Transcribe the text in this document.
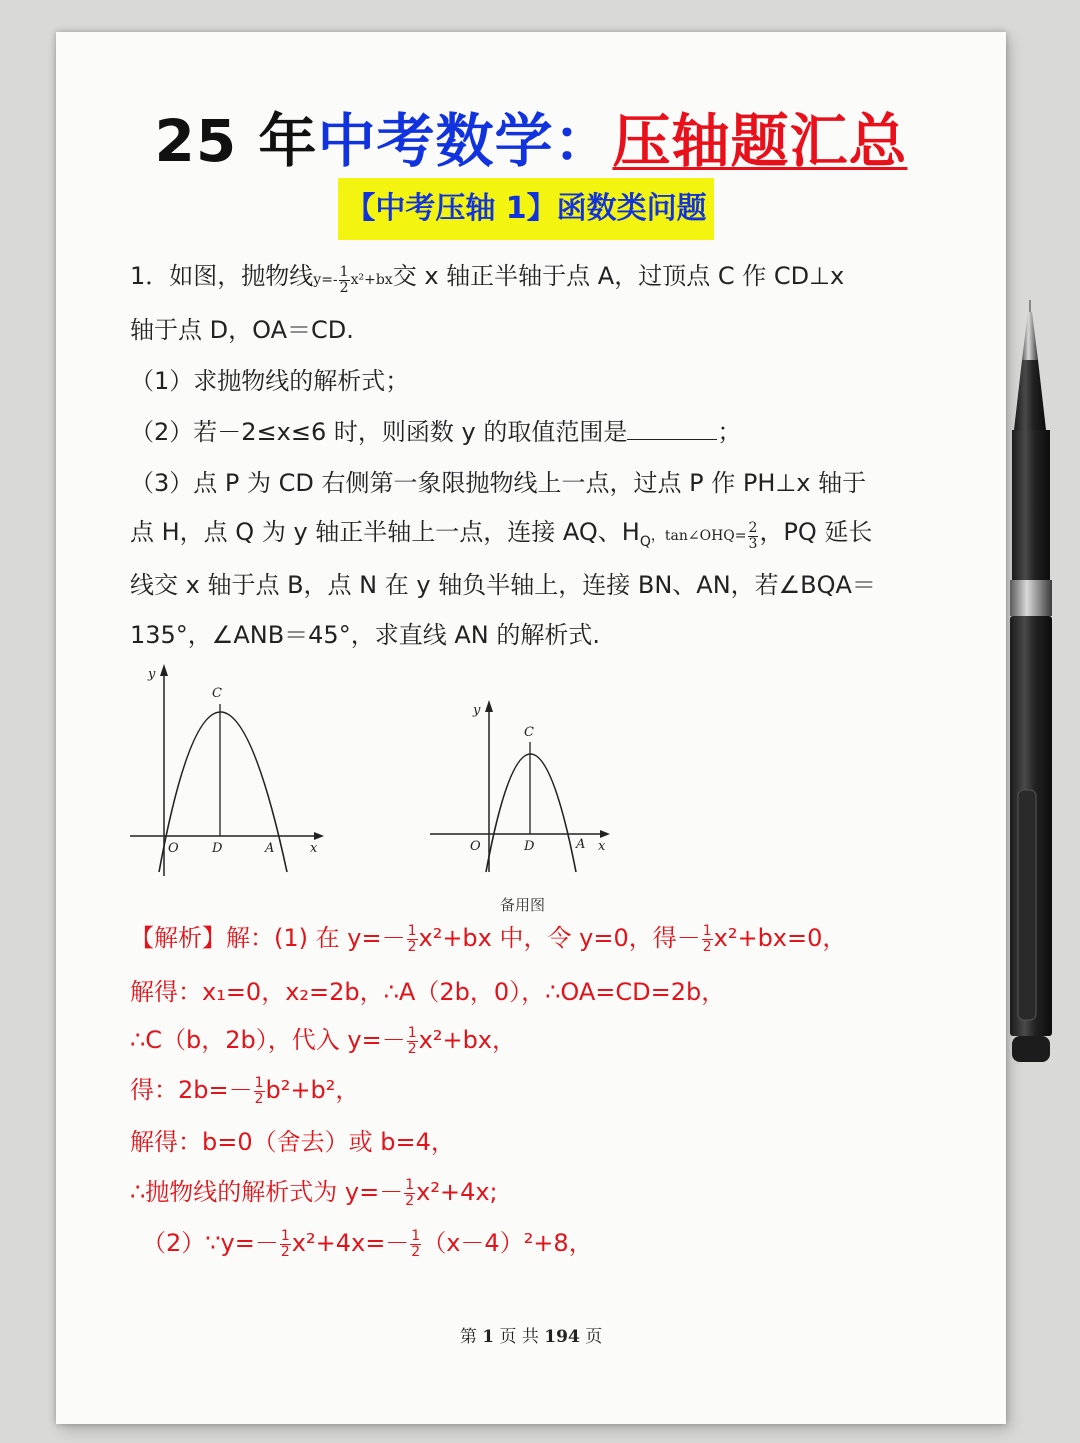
25 年中考数学：压轴题汇总
【中考压轴 1】函数类问题
1．如图，抛物线$y=- \frac{1}{2} x^2+bx$交 x 轴正半轴于点 A，过顶点 C 作 CD⊥x
轴于点 D，OA＝CD.
（1）求抛物线的解析式；
（2）若－2≤x≤6 时，则函数 y 的取值范围是	；
（3）点 P 为 CD 右侧第一象限抛物线上一点，过点 P 作 PH⊥x 轴于
点 H，点 Q 为 y 轴正半轴上一点，连接 AQ、$H_Q$，tan∠OHQ= $\frac{2}{3}$ ，PQ 延长
线交 x 轴于点 B，点 N 在 y 轴负半轴上，连接 BN、AN，若∠BQA＝
135°，∠ANB＝45°，求直线 AN 的解析式.
y
x
O	D	A
C
y
x
O	D	A
C
备用图
【解析】解：(1) 在 $y=- \frac{1}{2} x^2+bx$ 中，令 y=0，得－ $\frac{1}{2} x^2+bx=0$，
解得：x₁=0，x₂=2b，∴A（2b，0），∴OA=CD=2b，
∴C（b，2b），代入 $y=- \frac{1}{2} x^2+bx$，
得：$2b=- \frac{1}{2} b^2+b^2$，
解得：b=0（舍去）或 b=4，
∴抛物线的解析式为 $y=- \frac{1}{2} x^2+4x$;
（2）∵y=－ $\frac{1}{2} x^2+4x=- \frac{1}{2} (x-4)^2+8$，
第 1 页 共 194 页
